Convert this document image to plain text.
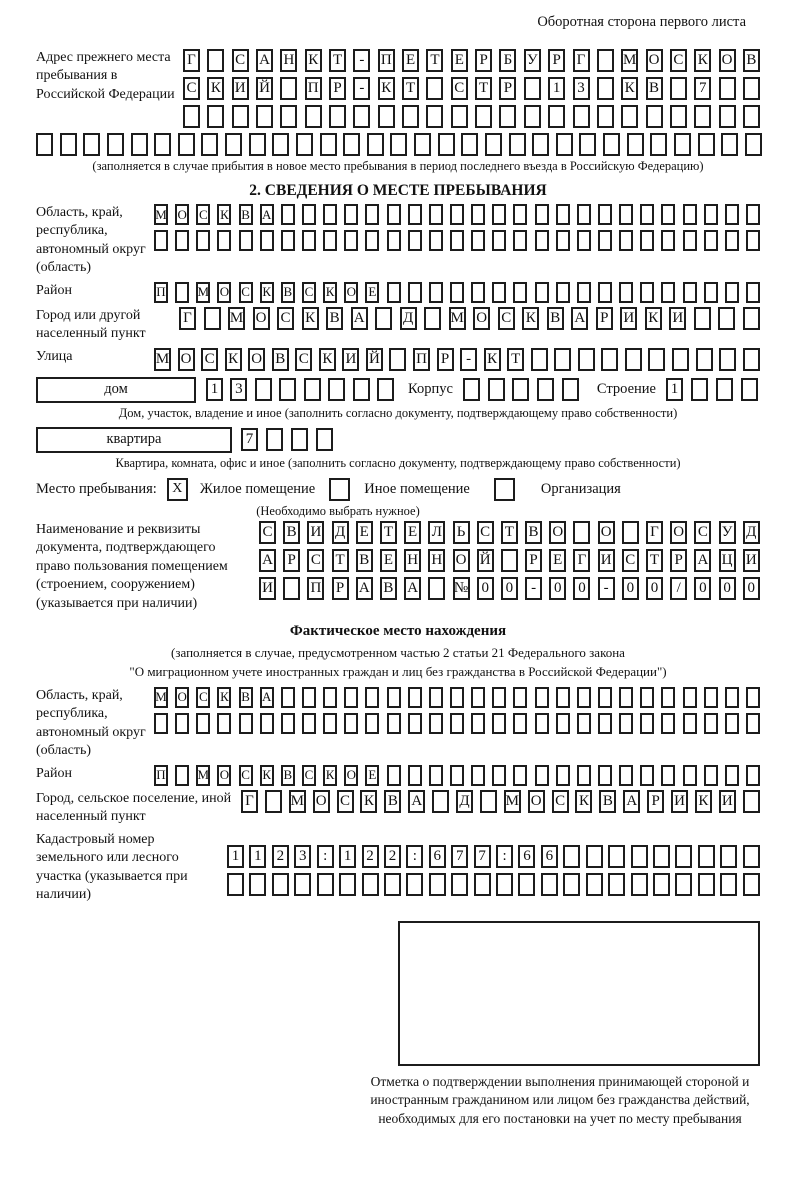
Оборотная сторона первого листа
Адрес прежнего места пребывания в Российской Федерации
Г	С А Н К Т	-	П Е Т Е Р Б У Р Г	М О С К О В
С К И Й	П Р	-	К Т	С Т Р	1	3	К В	7
(заполняется в случае прибытия в новое место пребывания в период последнего въезда в Российскую Федерацию)
2. СВЕДЕНИЯ О МЕСТЕ ПРЕБЫВАНИЯ
Область, край, республика, автономный округ (область)
М О С К В А
Район	П М О С К В С К О Е
Город или другой населенный пункт
Г	М О С К В А	Д М О С К В А Р И К И
Улица	М О С К О В С К И Й П Р	-	К Т
дом	1	3	Корпус	Строение 1
Дом, участок, владение и иное (заполнить согласно документу, подтверждающему право собственности)
квартира	7
Квартира, комната, офис и иное (заполнить согласно документу, подтверждающему право собственности)
Место пребывания:	X	Жилое помещение	Иное помещение	Организация
(Необходимо выбрать нужное)
Наименование и реквизиты документа, подтверждающего право пользования помещением (строением, сооружением) (указывается при наличии)
С В И Д Е Т Е Л Ь С Т В О	О	Г О С У Д
А Р С Т В Е Н Н О Й	Р Е Г И С Т Р А Ц И
И	П Р А В А № 0	0	-	0	0	-	0	0	/	0	0	0
Фактическое место нахождения
(заполняется в случае, предусмотренном частью 2 статьи 21 Федерального закона
"О миграционном учете иностранных граждан и лиц без гражданства в Российской Федерации")
Область, край, республика, автономный округ (область)
М О С К В А
Район	П М О С К В С К О Е
Город, сельское поселение, иной населенный пункт
Г М О С К В А Д М О С К В А Р И К И
Кадастровый номер земельного или лесного участка (указывается при наличии)
1 1 2 3	:	1 2 2	:	6 7 7	:	6 6
Отметка о подтверждении выполнения принимающей стороной и иностранным гражданином или лицом без гражданства действий, необходимых для его постановки на учет по месту пребывания
